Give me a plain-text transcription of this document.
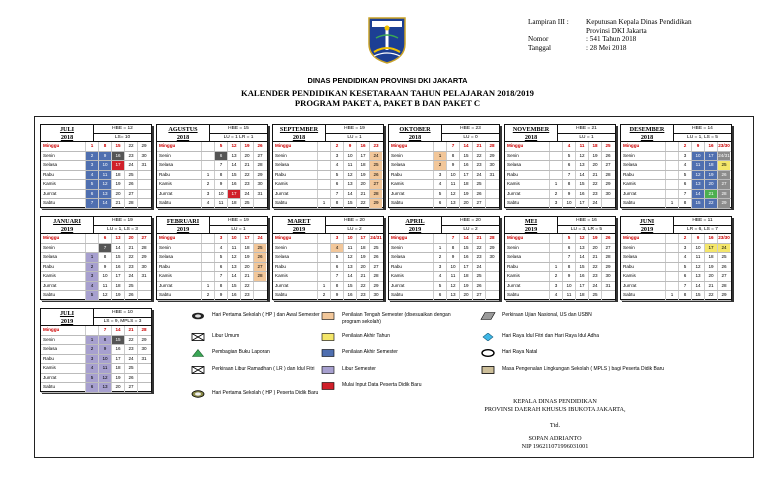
Lampiran III :	Keputusan Kepala Dinas Pendidikan
Provinsi DKI Jakarta
Nomor	: 541 Tahun 2018
Tanggal	: 28 Mei 2018
DINAS PENDIDIKAN PROVINSI DKI JAKARTA
KALENDER PENDIDIKAN KESETARAAN TAHUN PELAJARAN 2018/2019
PROGRAM PAKET A, PAKET B DAN PAKET C
JULI
2018
HBE = 12
LS= 10
Minggu	1	8	15	22	29
Senin	2	9	16	23	30
Selasa	3	10	17	24	31
Rabu	4	11	18	25
Kamis	5	12	19	26
Jum'at	6	13	20	27
Sabtu	7	14	21	28
AGUSTUS
2018
HBE = 15
LU = 1 LR = 1
Minggu	5	12	19	26
Senin	6	13	20	27
Selasa	7	14	21	28
Rabu	1	8	15	22	29
Kamis	2	9	16	23	30
Jum'at	3	10	17	24	31
Sabtu	4	11	18	25
SEPTEMBER
2018
HBE = 19
LU = 1
Minggu	2	9	16	23
Senin	3	10	17	24
Selasa	4	11	18	25
Rabu	5	12	19	26
Kamis	6	13	20	27
Jum'at	7	14	21	28
Sabtu	1	8	15	22	29
OKTOBER
2018
HBE = 23
LU = 0
Minggu	7	14	21	28
Senin	1	8	15	22	29
Selasa	2	9	16	23	30
Rabu	3	10	17	24	31
Kamis	4	11	18	25
Jum'at	5	12	19	26
Sabtu	6	13	20	27
NOVEMBER
2018
HBE = 21
LU = 1
Minggu	4	11	18	25
Senin	5	12	19	26
Selasa	6	13	20	27
Rabu	7	14	21	28
Kamis	1	8	15	22	29
Jum'at	2	9	16	23	30
Sabtu	3	10	17	24
DESEMBER
2018
HBE = 14
LU = 1, LS = 5
Minggu	2	9	16	23/30
Senin	3	10	17	24/31
Selasa	4	11	18	25
Rabu	5	12	19	26
Kamis	6	13	20	27
Jum'at	7	14	21	28
Sabtu	1	8	15	22	29
JANUARI
2019
HBE = 19
LU = 1, LS = 3
Minggu	6	13	20	27
Senin	7	14	21	28
Selasa	1	8	15	22	29
Rabu	2	9	16	23	30
Kamis	3	10	17	24	31
Jum'at	4	11	18	25
Sabtu	5	12	19	26
FEBRUARI
2019
HBE = 19
LU = 1
Minggu	3	10	17	24
Senin	4	11	18	25
Selasa	5	12	19	26
Rabu	6	13	20	27
Kamis	7	14	21	28
Jum'at	1	8	15	22
Sabtu	2	9	16	23
MARET
2019
HBE = 20
LU = 2
Minggu	3	10	17	24/31
Senin	4	11	18	25
Selasa	5	12	19	26
Rabu	6	13	20	27
Kamis	7	14	21	28
Jum'at	1	8	15	22	29
Sabtu	2	9	16	23	30
APRIL
2019
HBE = 20
LU = 2
Minggu	7	14	21	28
Senin	1	8	15	22	29
Selasa	2	9	16	23	30
Rabu	3	10	17	24
Kamis	4	11	18	25
Jum'at	5	12	19	26
Sabtu	6	13	20	27
MEI
2019
HBE = 16
LU = 3, LR = 5
Minggu	5	12	19	26
Senin	6	13	20	27
Selasa	7	14	21	28
Rabu	1	8	15	22	29
Kamis	2	9	16	23	30
Jum'at	3	10	17	24	31
Sabtu	4	11	18	25
JUNI
2019
HBE = 11
LR = 6, LS = 7
Minggu	2	9	16	23/30
Senin	3	10	17	24
Selasa	4	11	18	25
Rabu	5	12	19	26
Kamis	6	13	20	27
Jum'at	7	14	21	28
Sabtu	1	8	15	22	29
JULI
2019
HBE = 10
LS = 9, MPLS = 3
Minggu	7	14	21	28
Senin	1	8	15	22	29
Selasa	2	9	16	23	30
Rabu	3	10	17	24	31
Kamis	4	11	18	25
Jum'at	5	12	19	26
Sabtu	6	13	20	27
Hari Pertama Sekolah ( HP ) dan Awal Semester
Libur Umum
Pembagian Buku Laporan
Perkiraan Libur Ramadhan ( LR ) dan Idul Fitri
Hari Pertama Sekolah ( HP ) Peserta Didik Baru
Penilaian Tengah Semester (disesuaikan dengan program sekolah)
Penilaian Akhir Tahun
Penilaian Akhir Semester
Libur Semester
Mulai Input Data Peserta Didik Baru
Perkiraan Ujian Nasional, US dan USBN
Hari Raya Idul Fitri dan Hari Raya Idul Adha
Hari Raya Natal
Masa Pengenalan Lingkungan Sekolah ( MPLS ) bagi Peserta Didik Baru
KEPALA DINAS PENDIDIKAN
PROVINSI DAERAH KHUSUS IBUKOTA JAKARTA,
Ttd.
SOPAN ADRIANTO
NIP 196211071996031001
